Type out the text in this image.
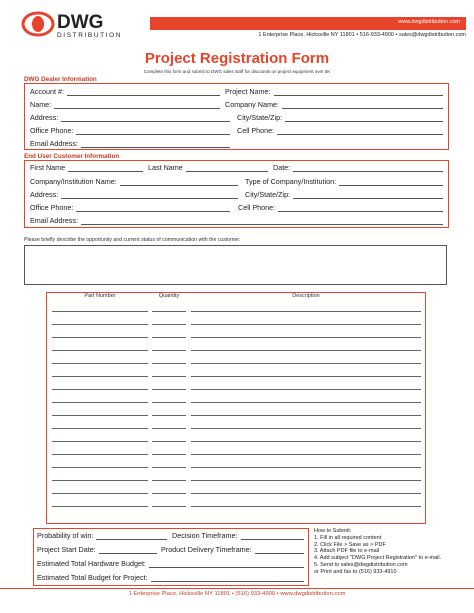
DWG
DISTRIBUTION
www.dwgdistribution.com
1 Enterprise Place, Hicksville NY 11801 • 516-933-4900 • sales@dwgdistribution.com
Project Registration Form
Complete this form and submit to DWG sales staff for discounts on project equipment over 5K
DWG Dealer Information
Account #:	Project Name:
Name:	Company Name:
Address:	City/State/Zip:
Office Phone:	Cell Phone:
Email Address:
End User Customer Information
First Name	Last Name	Date:
Company/Institution Name:	Type of Company/Institution:
Address:	City/State/Zip:
Office Phone:	Cell Phone:
Email Address:
Please briefly describe the opportunity and current status of communication with the customer:
Part Number	Quantity	Description
Probability of win:	Decision Timeframe:
Project Start Date:	Product Delivery Timeframe:
Estimated Total Hardware Budget:
Estimated Total Budget for Project:
How to Submit:
1. Fill in all required content
2. Click File > Save as > PDF
3. Attach PDF file to e-mail
4. Add subject "DWG Project Registration" to e-mail.
5. Send to sales@dwgdistribution.com
or Print and fax to (516) 933-4910
1 Enterprise Place, Hicksville NY 11801 • (516) 933-4900 • www.dwgdistribution.com
